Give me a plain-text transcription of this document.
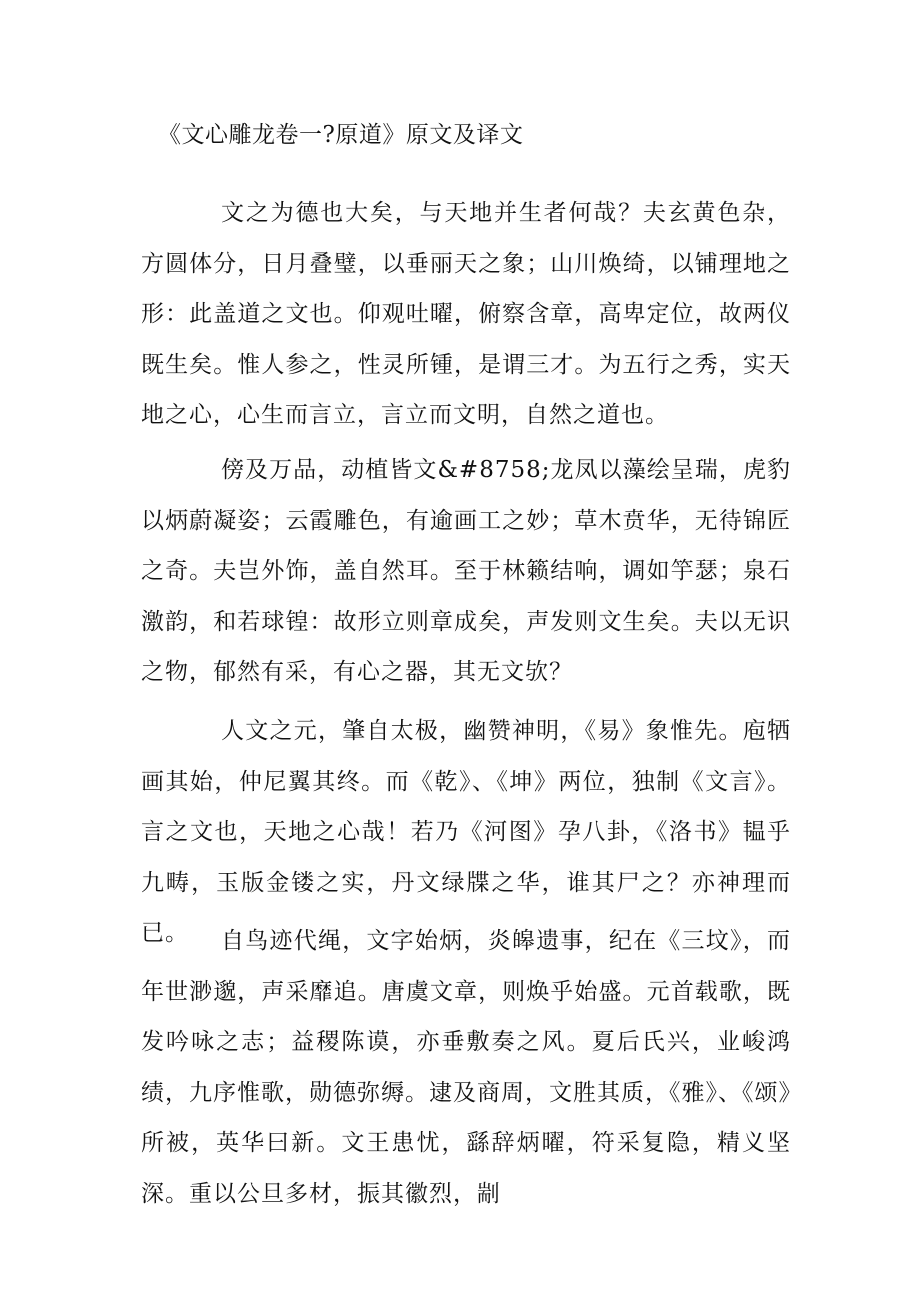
《文心雕龙卷一?原道》原文及译文

文之为德也大矣，与天地并生者何哉？夫玄黄色杂，方圆体分，日月叠璧，以垂丽天之象；山川焕绮，以铺理地之形：此盖道之文也。仰观吐曜，俯察含章，高卑定位，故两仪既生矣。惟人参之，性灵所锺，是谓三才。为五行之秀，实天地之心，心生而言立，言立而文明，自然之道也。

傍及万品，动植皆文&#8758;龙凤以藻绘呈瑞，虎豹以炳蔚凝姿；云霞雕色，有逾画工之妙；草木贲华，无待锦匠之奇。夫岂外饰，盖自然耳。至于林籁结响，调如竽瑟；泉石激韵，和若球锽：故形立则章成矣，声发则文生矣。夫以无识之物，郁然有采，有心之器，其无文欤？

人文之元，肇自太极，幽赞神明，《易》象惟先。庖牺画其始，仲尼翼其终。而《乾》、《坤》两位，独制《文言》。言之文也，天地之心哉！若乃《河图》孕八卦，《洛书》韫乎九畴，玉版金镂之实，丹文绿牒之华，谁其尸之？亦神理而已。	自鸟迹代绳，文字始炳，炎皞遗事，纪在《三坟》，而年世渺邈，声采靡追。唐虞文章，则焕乎始盛。元首载歌，既发吟咏之志；益稷陈谟，亦垂敷奏之风。夏后氏兴，业峻鸿绩，九序惟歌，勋德弥缛。逮及商周，文胜其质，《雅》、《颂》所被，英华曰新。文王患忧，繇辞炳曜，符采复隐，精义坚深。重以公旦多材，振其徽烈，剬
